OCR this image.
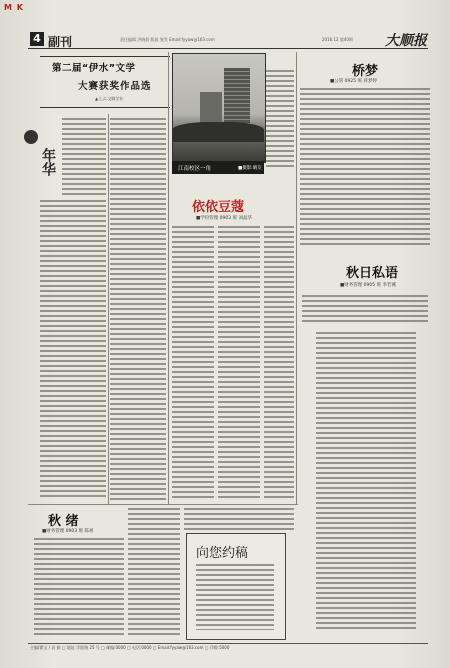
M K
4 副刊	责任编辑 洪晓晨 版面 签发 Email:fyyaw@163.com	2016.12 第40期 大顺报
第二届“伊水”文学
大赛获奖作品选
▲上ぶ,文顺学社
年华	江南校区一角	■摄影:晴友
依依豆蔻
■学份管理 0903 班 刘晶华
桥梦
■公管 0925 班 蒋梦婷
秋日私语
■财务管理 0905 班 李若溪
秋 绪
■财务管理 0903 班 陈祖
向您约稿
主编/翟宝 / 袁 娟 □ 地址:学院路 25 号 □ 邮编:0000 □ 电话:0000 □ Email:fyyaw@163.com □ 印数:5000
